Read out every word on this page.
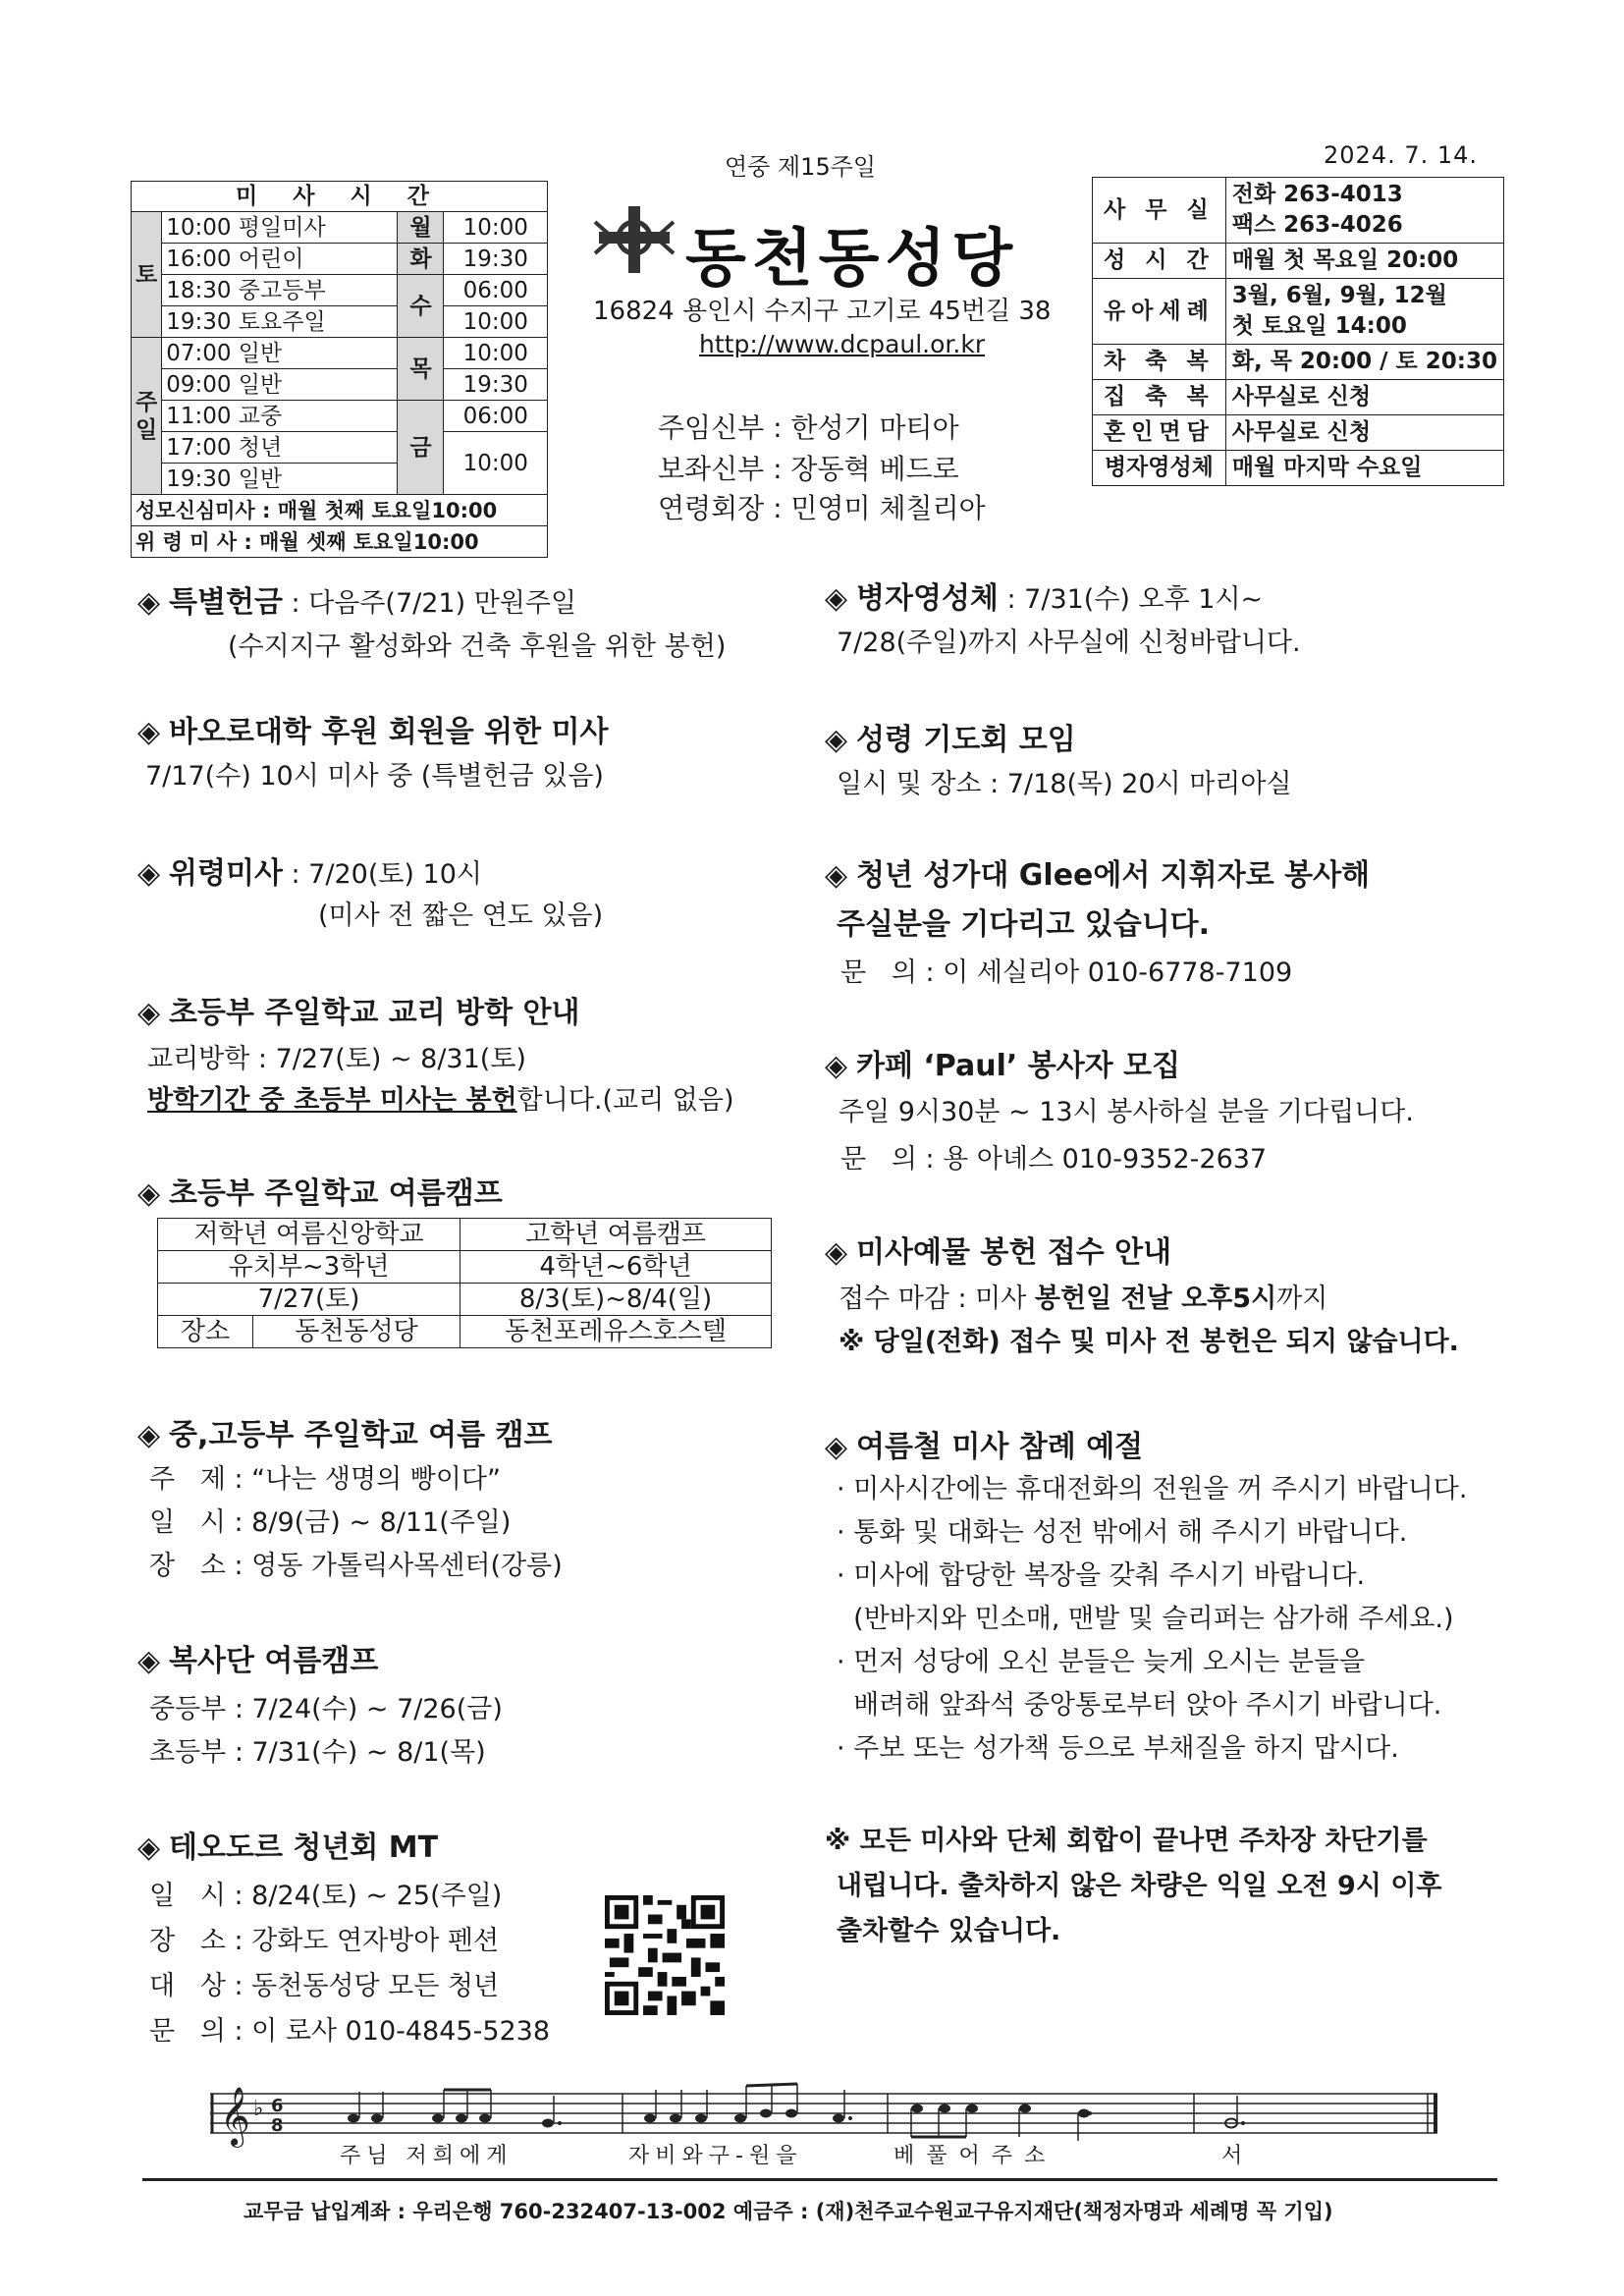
연중 제15주일	2024. 7. 14.
미 사 시 간			
토	10:00 평일미사	월	10:00
	16:00 어린이	화	19:30
	18:30 중고등부	수	06:00
	19:30 토요주일		10:00
주일	07:00 일반	목	10:00
	09:00 일반		19:30
	11:00 교중	금	06:00
	17:00 청년		10:00
	19:30 일반		
성모신심미사 : 매월 첫째 토요일10:00			
위 령 미 사 : 매월 셋째 토요일10:00			
동천동성당
16824 용인시 수지구 고기로 45번길 38
http://www.dcpaul.or.kr
주임신부 : 한성기 마티아
보좌신부 : 장동혁 베드로
연령회장 : 민영미 체칠리아
사 무 실	전화 263-4013
팩스 263-4026
성 시 간	매월 첫 목요일 20:00
유아세례	3월, 6월, 9월, 12월
첫 토요일 14:00
차 축 복	화, 목 20:00 / 토 20:30
집 축 복	사무실로 신청
혼인면담	사무실로 신청
병자영성체	매월 마지막 수요일
◈ 특별헌금 : 다음주(7/21) 만원주일
(수지지구 활성화와 건축 후원을 위한 봉헌)
◈ 바오로대학 후원 회원을 위한 미사
7/17(수) 10시 미사 중 (특별헌금 있음)
◈ 위령미사 : 7/20(토) 10시
(미사 전 짧은 연도 있음)
◈ 초등부 주일학교 교리 방학 안내
교리방학 : 7/27(토) ~ 8/31(토)
방학기간 중 초등부 미사는 봉헌합니다.(교리 없음)
◈ 초등부 주일학교 여름캠프
저학년 여름신앙학교		고학년 여름캠프
유치부~3학년		4학년~6학년
7/27(토)		8/3(토)~8/4(일)
장소	동천동성당	동천포레유스호스텔
◈ 중,고등부 주일학교 여름 캠프
주   제 : “나는 생명의 빵이다”
일   시 : 8/9(금) ~ 8/11(주일)
장   소 : 영동 가톨릭사목센터(강릉)
◈ 복사단 여름캠프
중등부 : 7/24(수) ~ 7/26(금)
초등부 : 7/31(수) ~ 8/1(목)
◈ 테오도르 청년회 MT
일   시 : 8/24(토) ~ 25(주일)
장   소 : 강화도 연자방아 펜션
대   상 : 동천동성당 모든 청년
문   의 : 이 로사 010-4845-5238
◈ 병자영성체 : 7/31(수) 오후 1시~
7/28(주일)까지 사무실에 신청바랍니다.
◈ 성령 기도회 모임
일시 및 장소 : 7/18(목) 20시 마리아실
◈ 청년 성가대 Glee에서 지휘자로 봉사해
주실분을 기다리고 있습니다.
문   의 : 이 세실리아 010-6778-7109
◈ 카페 ‘Paul’ 봉사자 모집
주일 9시30분 ~ 13시 봉사하실 분을 기다립니다.
문   의 : 용 아녜스 010-9352-2637
◈ 미사예물 봉헌 접수 안내
접수 마감 : 미사 봉헌일 전날 오후5시까지
※ 당일(전화) 접수 및 미사 전 봉헌은 되지 않습니다.
◈ 여름철 미사 참례 예절
· 미사시간에는 휴대전화의 전원을 꺼 주시기 바랍니다.
· 통화 및 대화는 성전 밖에서 해 주시기 바랍니다.
· 미사에 합당한 복장을 갖춰 주시기 바랍니다.
(반바지와 민소매, 맨발 및 슬리퍼는 삼가해 주세요.)
· 먼저 성당에 오신 분들은 늦게 오시는 분들을
배려해 앞좌석 중앙통로부터 앉아 주시기 바랍니다.
· 주보 또는 성가책 등으로 부채질을 하지 맙시다.
※ 모든 미사와 단체 회합이 끝나면 주차장 차단기를
내립니다. 출차하지 않은 차량은 익일 오전 9시 이후
출차할수 있습니다.
𝄞 ♭ 6
8
주님 저희에게	자비와구-원을	베풀어주소	서
교무금 납입계좌 : 우리은행 760-232407-13-002 예금주 : (재)천주교수원교구유지재단(책정자명과 세례명 꼭 기입)
